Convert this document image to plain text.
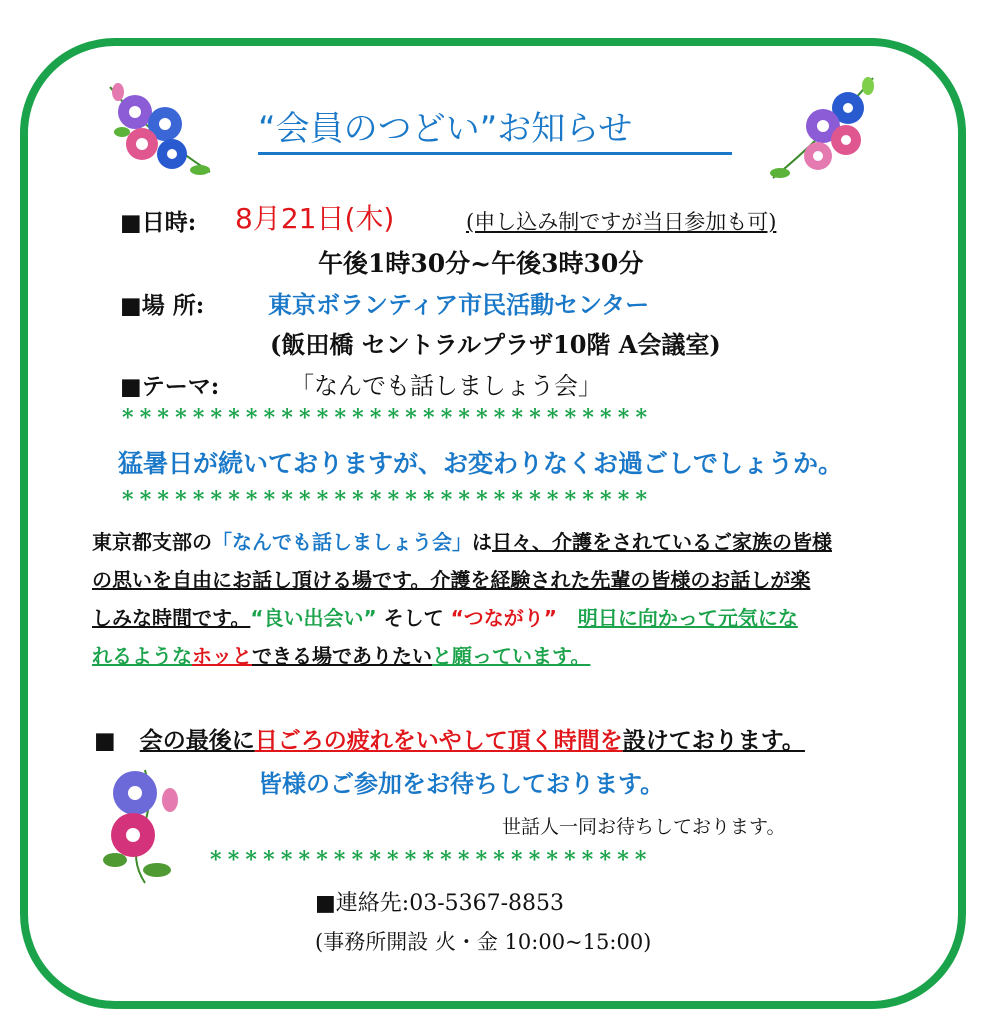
“会員のつどい”お知らせ
■日時: 8月21日(木)	(申し込み制ですが当日参加も可)
午後1時30分~午後3時30分
■場 所:	東京ボランティア市民活動センター
(飯田橋 セントラルプラザ10階 A会議室)
■テーマ:	「なんでも話しましょう会」
******************************
猛暑日が続いておりますが、お変わりなくお過ごしでしょうか。
******************************
東京都支部の「なんでも話しましょう会」は日々、介護をされているご家族の皆様
の思いを自由にお話し頂ける場です。介護を経験された先輩の皆様のお話しが楽
しみな時間です。“良い出会い” そして “つながり” 明日に向かって元気にな
れるようなホッとできる場でありたいと願っています。
■ 会の最後に日ごろの疲れをいやして頂く時間を設けております。
皆様のご参加をお待ちしております。
世話人一同お待ちしております。
*************************
■連絡先:03-5367-8853
(事務所開設 火・金 10:00~15:00)
